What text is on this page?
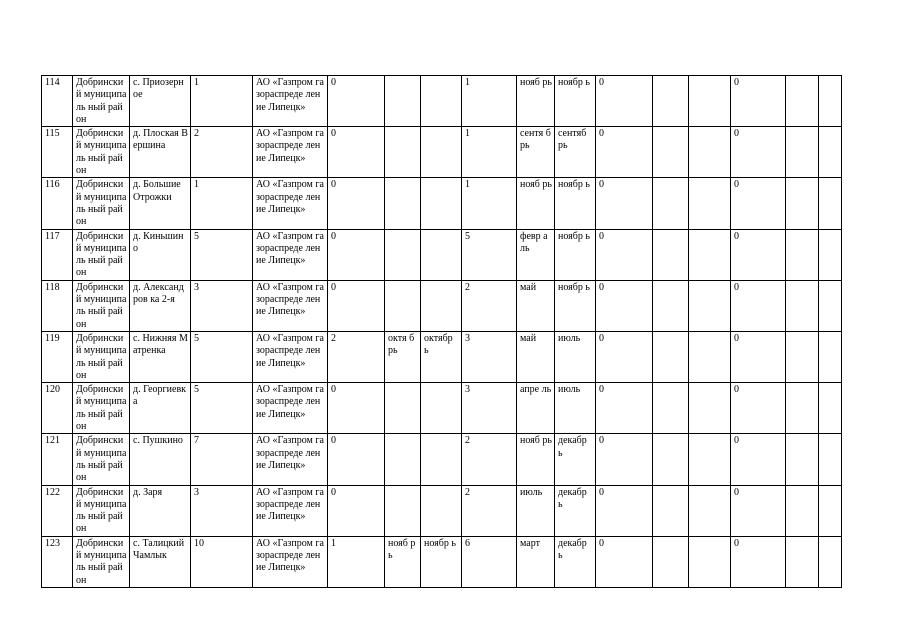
114	Добринский муниципаль ный район	с. Приозерное	1	АО «Газпром газораспреде ление Липецк»	0			1	нояб рь	ноябр ь	0			0		
115	Добринский муниципаль ный район	д. Плоская Вершина	2	АО «Газпром газораспреде ление Липецк»	0			1	сентя брь	сентяб рь	0			0		
116	Добринский муниципаль ный район	д. Большие Отрожки	1	АО «Газпром газораспреде ление Липецк»	0			1	нояб рь	ноябр ь	0			0		
117	Добринский муниципаль ный район	д. Киньшино	5	АО «Газпром газораспреде ление Липецк»	0			5	февр аль	ноябр ь	0			0		
118	Добринский муниципаль ный район	д. Александров ка 2-я	3	АО «Газпром газораспреде ление Липецк»	0			2	май	ноябр ь	0			0		
119	Добринский муниципаль ный район	с. Нижняя Матренка	5	АО «Газпром газораспреде ление Липецк»	2	октя брь	октябр ь	3	май	июль	0			0		
120	Добринский муниципаль ный район	д. Георгиевка	5	АО «Газпром газораспреде ление Липецк»	0			3	апре ль	июль	0			0		
121	Добринский муниципаль ный район	с. Пушкино	7	АО «Газпром газораспреде ление Липецк»	0			2	нояб рь	декабр ь	0			0		
122	Добринский муниципаль ный район	д. Заря	3	АО «Газпром газораспреде ление Липецк»	0			2	июль	декабр ь	0			0		
123	Добринский муниципаль ный район	с. Талицкий Чамлык	10	АО «Газпром газораспреде ление Липецк»	1	нояб рь	ноябр ь	6	март	декабр ь	0			0		
